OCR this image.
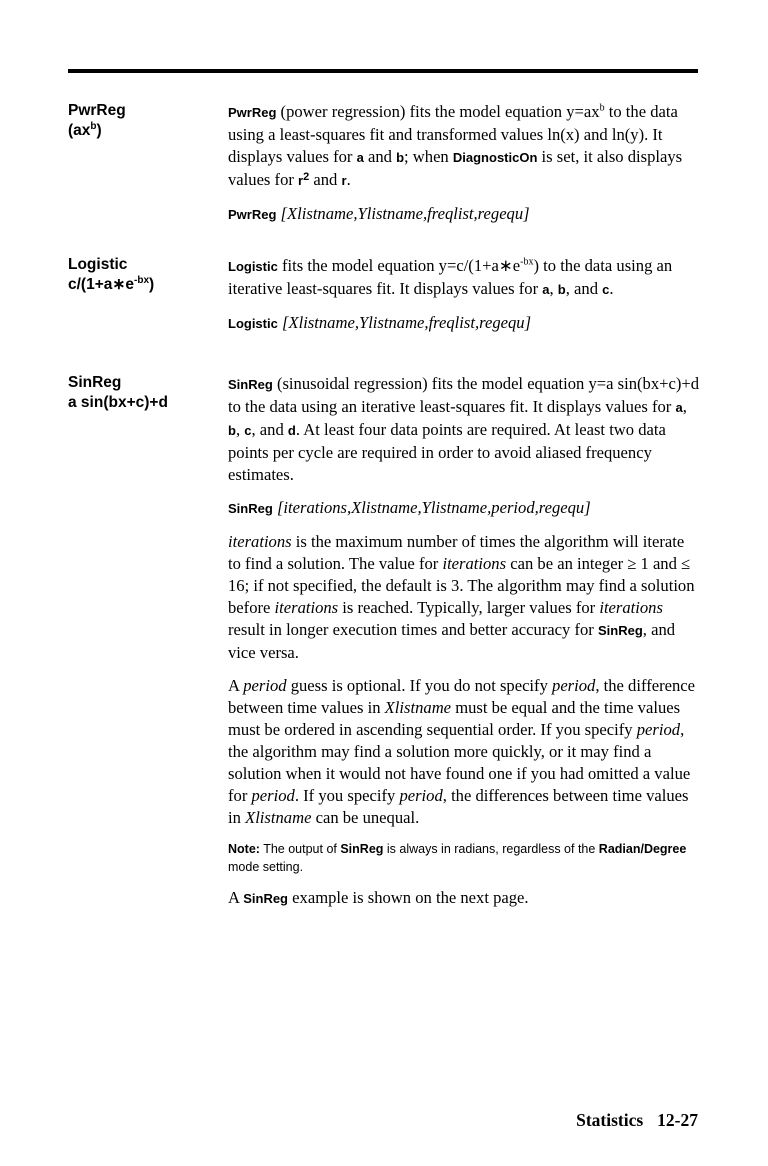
PwrReg
$(ax^b)$

PwrReg (power regression) fits the model equation $y=ax^b$ to the data using a least-squares fit and transformed values ln(x) and ln(y). It displays values for a and b; when DiagnosticOn is set, it also displays values for $r^2$ and r.

PwrReg [Xlistname,Ylistname,freqlist,regequ]

Logistic
$c/(1+a∗e^{-bx})$

Logistic fits the model equation $y=c/(1+a∗e^{-bx})$ to the data using an iterative least-squares fit. It displays values for a, b, and c.

Logistic [Xlistname,Ylistname,freqlist,regequ]

SinReg
a sin(bx+c)+d

SinReg (sinusoidal regression) fits the model equation y=a sin(bx+c)+d to the data using an iterative least-squares fit. It displays values for a, b, c, and d. At least four data points are required. At least two data points per cycle are required in order to avoid aliased frequency estimates.

SinReg [iterations,Xlistname,Ylistname,period,regequ]

iterations is the maximum number of times the algorithm will iterate to find a solution. The value for iterations can be an integer ≥ 1 and ≤ 16; if not specified, the default is 3. The algorithm may find a solution before iterations is reached. Typically, larger values for iterations result in longer execution times and better accuracy for SinReg, and vice versa.

A period guess is optional. If you do not specify period, the difference between time values in Xlistname must be equal and the time values must be ordered in ascending sequential order. If you specify period, the algorithm may find a solution more quickly, or it may find a solution when it would not have found one if you had omitted a value for period. If you specify period, the differences between time values in Xlistname can be unequal.

Note: The output of SinReg is always in radians, regardless of the Radian/Degree mode setting.

A SinReg example is shown on the next page.

Statistics 12-27
